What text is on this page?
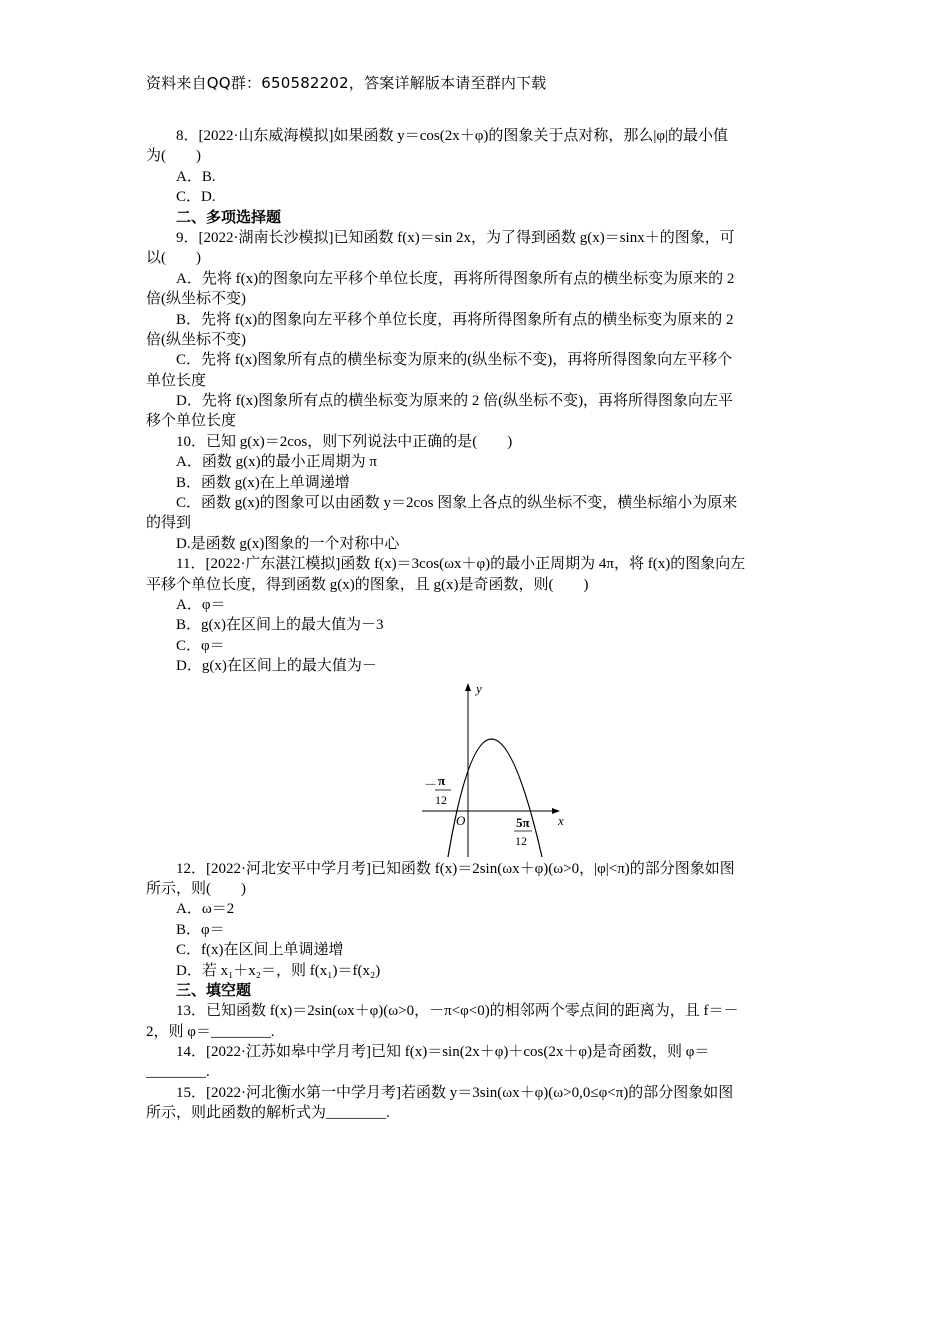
资料来自QQ群：650582202，答案详解版本请至群内下载
8．[2022·山东威海模拟]如果函数 y＝cos(2x＋φ)的图象关于点对称，那么|φ|的最小值
为(　　)
A．B.
C．D.
二、多项选择题
9．[2022·湖南长沙模拟]已知函数 f(x)＝sin 2x，为了得到函数 g(x)＝sinx＋的图象，可
以(　　)
A．先将 f(x)的图象向左平移个单位长度，再将所得图象所有点的横坐标变为原来的 2
倍(纵坐标不变)
B．先将 f(x)的图象向左平移个单位长度，再将所得图象所有点的横坐标变为原来的 2
倍(纵坐标不变)
C．先将 f(x)图象所有点的横坐标变为原来的(纵坐标不变)，再将所得图象向左平移个
单位长度
D．先将 f(x)图象所有点的横坐标变为原来的 2 倍(纵坐标不变)，再将所得图象向左平
移个单位长度
10．已知 g(x)＝2cos，则下列说法中正确的是(　　)
A．函数 g(x)的最小正周期为 π
B．函数 g(x)在上单调递增
C．函数 g(x)的图象可以由函数 y＝2cos 图象上各点的纵坐标不变，横坐标缩小为原来
的得到
D.是函数 g(x)图象的一个对称中心
11．[2022·广东湛江模拟]函数 f(x)＝3cos(ωx＋φ)的最小正周期为 4π，将 f(x)的图象向左
平移个单位长度，得到函数 g(x)的图象，且 g(x)是奇函数，则(　　)
A．φ＝
B．g(x)在区间上的最大值为－3
C．φ＝
D．g(x)在区间上的最大值为－
－ π
12
O	5π
12
y
x
12．[2022·河北安平中学月考]已知函数 f(x)＝2sin(ωx＋φ)(ω>0，|φ|<π)的部分图象如图
所示，则(　　)
A．ω＝2
B．φ＝
C．f(x)在区间上单调递增
D．若 x₁＋x₂＝，则 f(x₁)＝f(x₂)
三、填空题
13．已知函数 f(x)＝2sin(ωx＋φ)(ω>0，－π<φ<0)的相邻两个零点间的距离为，且 f＝－
2，则 φ＝________.
14．[2022·江苏如皋中学月考]已知 f(x)＝sin(2x＋φ)＋cos(2x＋φ)是奇函数，则 φ＝
________.
15．[2022·河北衡水第一中学月考]若函数 y＝3sin(ωx＋φ)(ω>0,0≤φ<π)的部分图象如图
所示，则此函数的解析式为________.
